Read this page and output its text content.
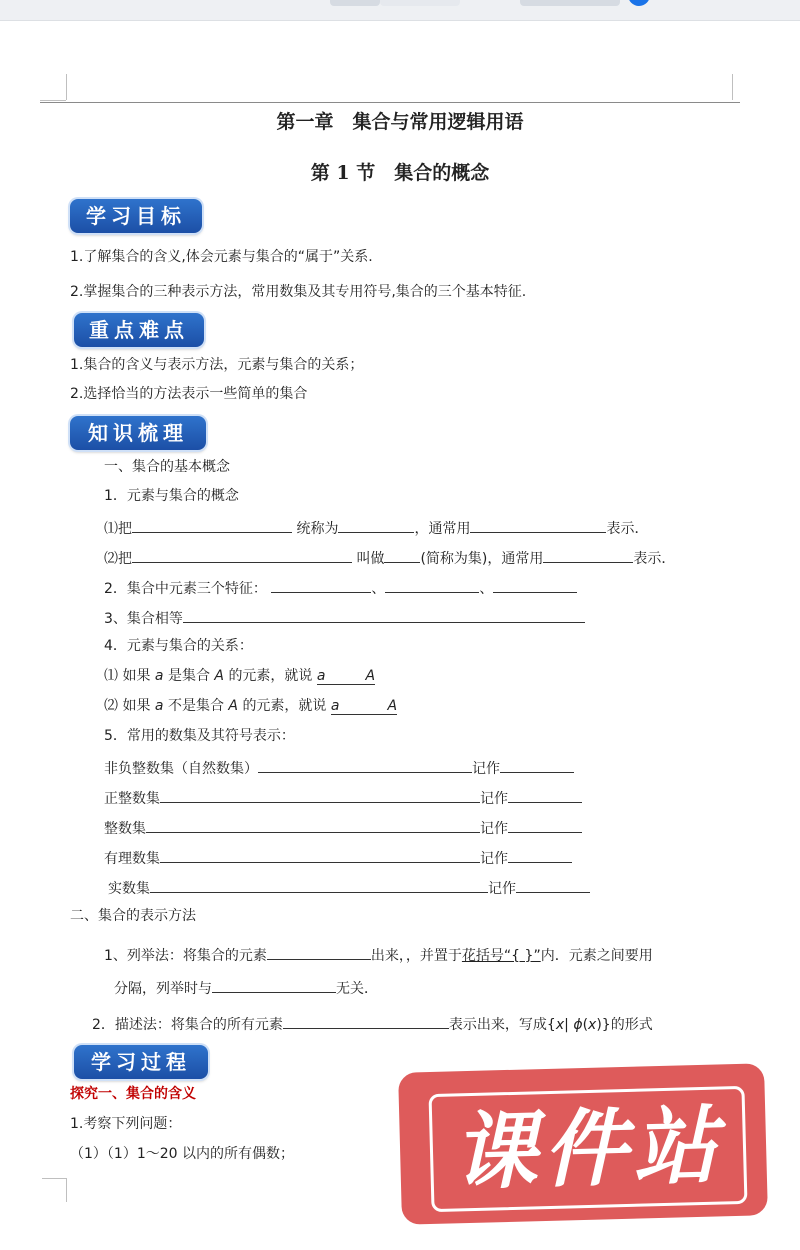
第一章　集合与常用逻辑用语
第 1 节　集合的概念
学习目标
1.了解集合的含义,体会元素与集合的“属于”关系.
2.掌握集合的三种表示方法，常用数集及其专用符号,集合的三个基本特征.
重点难点
1.集合的含义与表示方法，元素与集合的关系；
2.选择恰当的方法表示一些简单的集合
知识梳理
一、集合的基本概念
1．元素与集合的概念
⑴把	统称为	，通常用	表示．
⑵把	叫做	(简称为集)，通常用	表示．
2．集合中元素三个特征：	、	、
3、集合相等
4．元素与集合的关系：
⑴ 如果 a 是集合 A 的元素，就说 a	A
⑵ 如果 a 不是集合 A 的元素，就说 a	A
5．常用的数集及其符号表示：
非负整数集（自然数集）	记作
正整数集	记作
整数集	记作
有理数集	记作
实数集	记作
二、集合的表示方法
1、列举法：将集合的元素	出来，，并置于花括号“{ }”内．元素之间要用
分隔，列举时与	无关．
2．描述法：将集合的所有元素	表示出来，写成{x| ϕ(x)}的形式
学习过程
探究一、集合的含义
1.考察下列问题：
（1）（1）1～20 以内的所有偶数； 课件站
